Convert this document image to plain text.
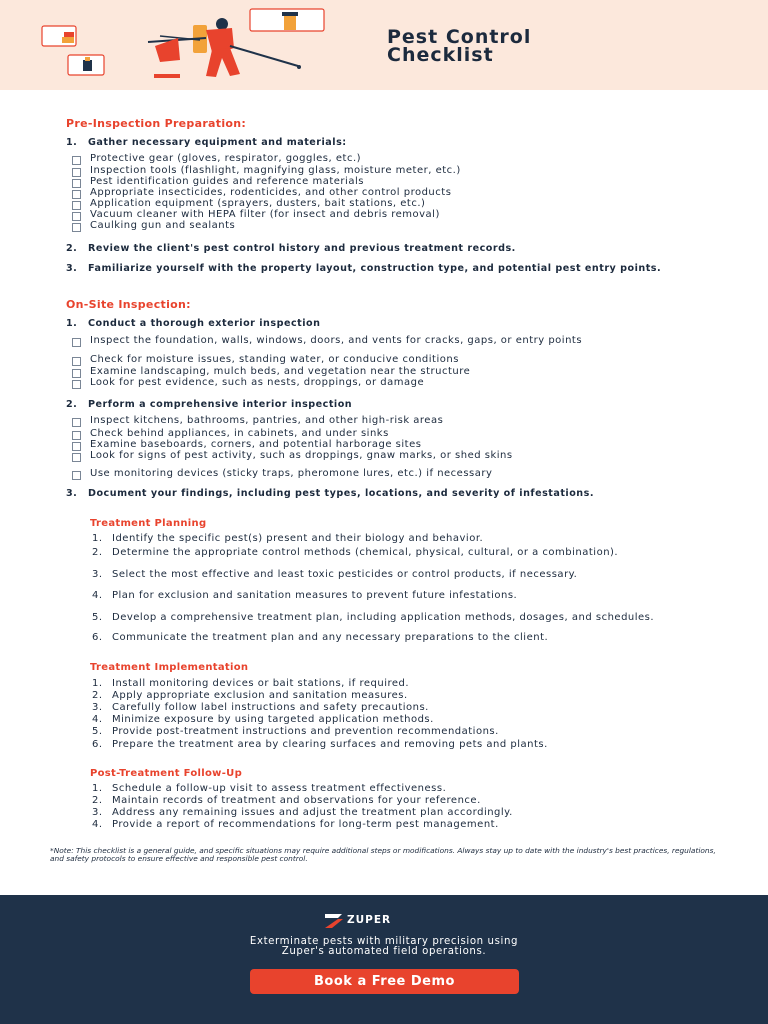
Pest Control
Checklist
Pre-Inspection Preparation:
1. Gather necessary equipment and materials:
Protective gear (gloves, respirator, goggles, etc.)
Inspection tools (flashlight, magnifying glass, moisture meter, etc.)
Pest identification guides and reference materials
Appropriate insecticides, rodenticides, and other control products
Application equipment (sprayers, dusters, bait stations, etc.)
Vacuum cleaner with HEPA filter (for insect and debris removal)
Caulking gun and sealants
2. Review the client's pest control history and previous treatment records.
3. Familiarize yourself with the property layout, construction type, and potential pest entry points.
On-Site Inspection:
1. Conduct a thorough exterior inspection
Inspect the foundation, walls, windows, doors, and vents for cracks, gaps, or entry points
Check for moisture issues, standing water, or conducive conditions
Examine landscaping, mulch beds, and vegetation near the structure
Look for pest evidence, such as nests, droppings, or damage
2. Perform a comprehensive interior inspection
Inspect kitchens, bathrooms, pantries, and other high-risk areas
Check behind appliances, in cabinets, and under sinks
Examine baseboards, corners, and potential harborage sites
Look for signs of pest activity, such as droppings, gnaw marks, or shed skins
Use monitoring devices (sticky traps, pheromone lures, etc.) if necessary
3. Document your findings, including pest types, locations, and severity of infestations.
Treatment Planning
1. Identify the specific pest(s) present and their biology and behavior.
2. Determine the appropriate control methods (chemical, physical, cultural, or a combination).
3. Select the most effective and least toxic pesticides or control products, if necessary.
4. Plan for exclusion and sanitation measures to prevent future infestations.
5. Develop a comprehensive treatment plan, including application methods, dosages, and schedules.
6. Communicate the treatment plan and any necessary preparations to the client.
Treatment Implementation
1. Install monitoring devices or bait stations, if required.
2. Apply appropriate exclusion and sanitation measures.
3. Carefully follow label instructions and safety precautions.
4. Minimize exposure by using targeted application methods.
5. Provide post-treatment instructions and prevention recommendations.
6. Prepare the treatment area by clearing surfaces and removing pets and plants.
Post-Treatment Follow-Up
1. Schedule a follow-up visit to assess treatment effectiveness.
2. Maintain records of treatment and observations for your reference.
3. Address any remaining issues and adjust the treatment plan accordingly.
4. Provide a report of recommendations for long-term pest management.
*Note: This checklist is a general guide, and specific situations may require additional steps or modifications. Always stay up to date with the industry's best practices, regulations, and safety protocols to ensure effective and responsible pest control.
ZUPER
Exterminate pests with military precision using
Zuper's automated field operations.
Book a Free Demo
